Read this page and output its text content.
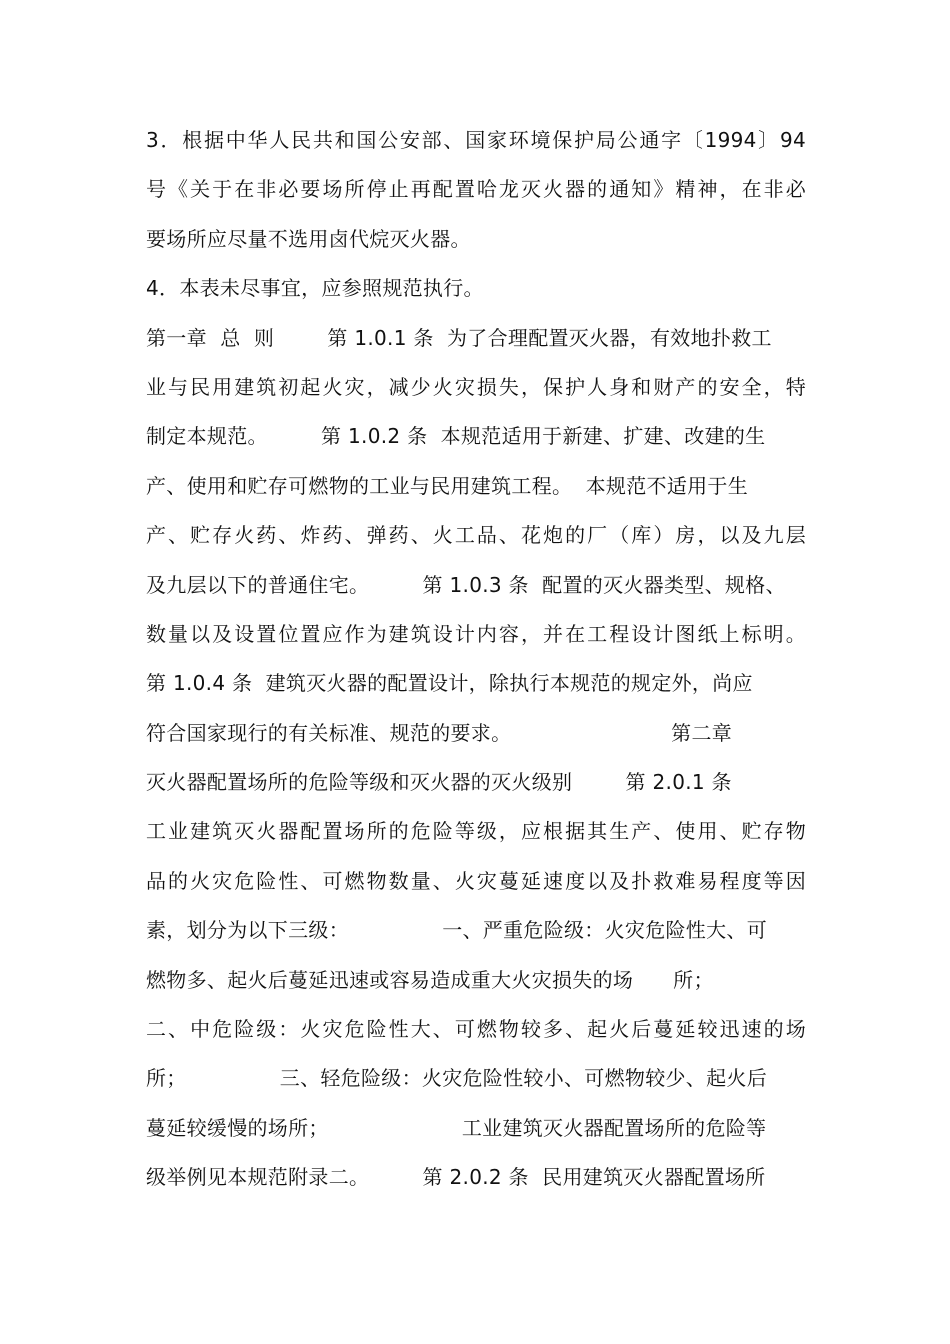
3．根据中华人民共和国公安部、国家环境保护局公通字〔1994〕94
号《关于在非必要场所停止再配置哈龙灭火器的通知》精神，在非必
要场所应尽量不选用卤代烷灭火器。
4．本表未尽事宜，应参照规范执行。
第一章  总  则        第 1.0.1 条  为了合理配置灭火器，有效地扑救工
业与民用建筑初起火灾，减少火灾损失，保护人身和财产的安全，特
制定本规范。        第 1.0.2 条  本规范适用于新建、扩建、改建的生
产、使用和贮存可燃物的工业与民用建筑工程。  本规范不适用于生
产、贮存火药、炸药、弹药、火工品、花炮的厂（库）房，以及九层
及九层以下的普通住宅。        第 1.0.3 条  配置的灭火器类型、规格、
数量以及设置位置应作为建筑设计内容，并在工程设计图纸上标明。
第 1.0.4 条  建筑灭火器的配置设计，除执行本规范的规定外，尚应
符合国家现行的有关标准、规范的要求。                        第二章
灭火器配置场所的危险等级和灭火器的灭火级别        第 2.0.1 条
工业建筑灭火器配置场所的危险等级，应根据其生产、使用、贮存物
品的火灾危险性、可燃物数量、火灾蔓延速度以及扑救难易程度等因
素，划分为以下三级：              一、严重危险级：火灾危险性大、可
燃物多、起火后蔓延迅速或容易造成重大火灾损失的场      所；
二、中危险级：火灾危险性大、可燃物较多、起火后蔓延较迅速的场
所；              三、轻危险级：火灾危险性较小、可燃物较少、起火后
蔓延较缓慢的场所；                    工业建筑灭火器配置场所的危险等
级举例见本规范附录二。        第 2.0.2 条  民用建筑灭火器配置场所
